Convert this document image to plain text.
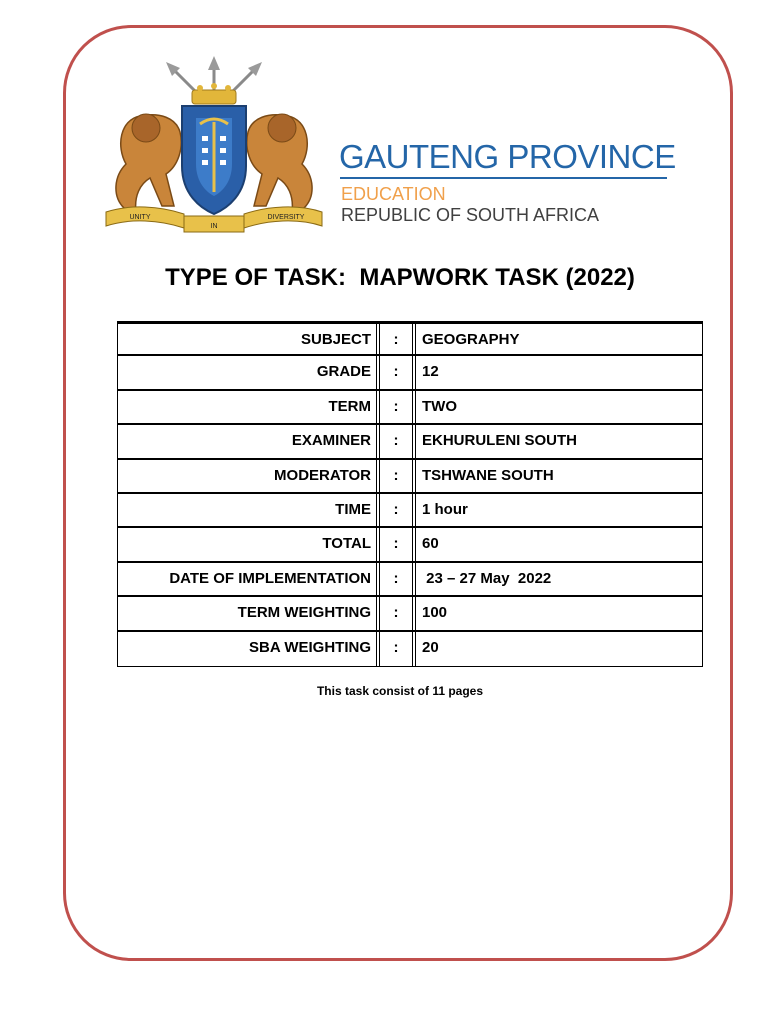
UNITY
IN
DIVERSITY
GAUTENG PROVINCE
EDUCATION
REPUBLIC OF SOUTH AFRICA
TYPE OF TASK:  MAPWORK TASK (2022)
SUBJECT	:	GEOGRAPHY
GRADE	:	12
TERM	:	TWO
EXAMINER	:	EKHURULENI SOUTH
MODERATOR	:	TSHWANE SOUTH
TIME	:	1 hour
TOTAL	:	60
DATE OF IMPLEMENTATION	:	23 – 27 May  2022
TERM WEIGHTING	:	100
SBA WEIGHTING	:	20
This task consist of 11 pages
